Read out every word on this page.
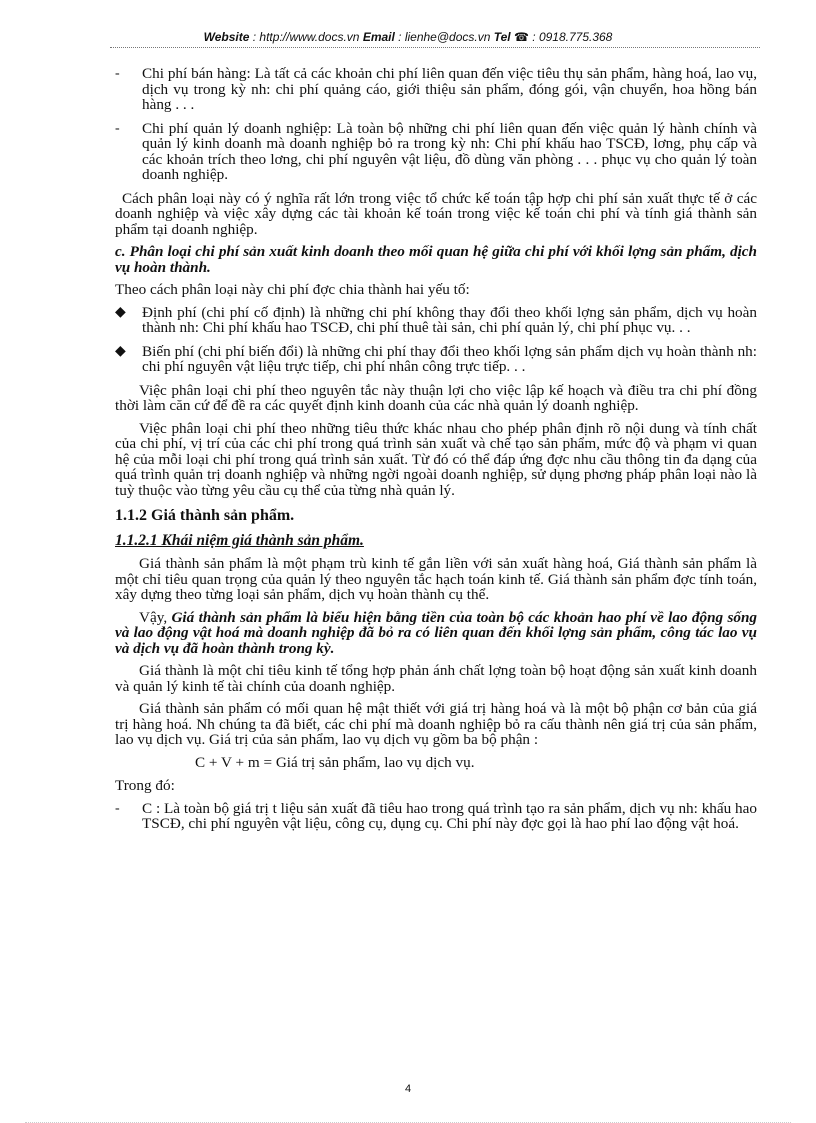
Website : http://www.docs.vn Email : lienhe@docs.vn Tel ☎ : 0918.775.368
- Chi phí bán hàng: Là tất cả các khoản chi phí liên quan đến việc tiêu thụ sản phẩm, hàng hoá, lao vụ, dịch vụ trong kỳ nh: chi phí quảng cáo, giới thiệu sản phẩm, đóng gói, vận chuyển, hoa hồng bán hàng . . .
- Chi phí quản lý doanh nghiệp: Là toàn bộ những chi phí liên quan đến việc quản lý hành chính và quản lý kinh doanh mà doanh nghiệp bỏ ra trong kỳ nh: Chi phí khấu hao TSCĐ, lơng, phụ cấp và các khoản trích theo lơng, chi phí nguyên vật liệu, đồ dùng văn phòng . . . phục vụ cho quản lý toàn doanh nghiệp.

Cách phân loại này có ý nghĩa rất lớn trong việc tổ chức kế toán tập hợp chi phí sản xuất thực tế ở các doanh nghiệp và việc xây dựng các tài khoản kế toán trong việc kế toán chi phí và tính giá thành sản phẩm tại doanh nghiệp.

c. Phân loại chi phí sản xuất kinh doanh theo mối quan hệ giữa chi phí với khối lợng sản phẩm, dịch vụ hoàn thành.

Theo cách phân loại này chi phí đợc chia thành hai yếu tố:

◆ Định phí (chi phí cố định) là những chi phí không thay đổi theo khối lợng sản phẩm, dịch vụ hoàn thành nh: Chi phí khấu hao TSCĐ, chi phí thuê tài sản, chi phí quản lý, chi phí phục vụ. . .
◆ Biến phí (chi phí biến đổi) là những chi phí thay đổi theo khối lợng sản phẩm dịch vụ hoàn thành nh: chi phí nguyên vật liệu trực tiếp, chi phí nhân công trực tiếp. . .

Việc phân loại chi phí theo nguyên tắc này thuận lợi cho việc lập kế hoạch và điều tra chi phí đồng thời làm căn cứ để đề ra các quyết định kinh doanh của các nhà quản lý doanh nghiệp.

Việc phân loại chi phí theo những tiêu thức khác nhau cho phép phân định rõ nội dung và tính chất của chi phí, vị trí của các chi phí trong quá trình sản xuất và chế tạo sản phẩm, mức độ và phạm vi quan hệ của mỗi loại chi phí trong quá trình sản xuất. Từ đó có thể đáp ứng đợc nhu cầu thông tin đa dạng của quá trình quản trị doanh nghiệp và những ngời ngoài doanh nghiệp, sử dụng phơng pháp phân loại nào là tuỳ thuộc vào từng yêu cầu cụ thể của từng nhà quản lý.

1.1.2 Giá thành sản phẩm.
1.1.2.1 Khái niệm giá thành sản phẩm.

Giá thành sản phẩm là một phạm trù kinh tế gắn liền với sản xuất hàng hoá, Giá thành sản phẩm là một chỉ tiêu quan trọng của quản lý theo nguyên tắc hạch toán kinh tế. Giá thành sản phẩm đợc tính toán, xây dựng theo từng loại sản phẩm, dịch vụ hoàn thành cụ thể.

Vậy, Giá thành sản phẩm là biểu hiện bằng tiền của toàn bộ các khoản hao phí về lao động sống và lao động vật hoá mà doanh nghiệp đã bỏ ra có liên quan đến khối lợng sản phẩm, công tác lao vụ và dịch vụ đã hoàn thành trong kỳ.

Giá thành là một chỉ tiêu kinh tế tổng hợp phản ánh chất lợng toàn bộ hoạt động sản xuất kinh doanh và quản lý kinh tế tài chính của doanh nghiệp.

Giá thành sản phẩm có mối quan hệ mật thiết với giá trị hàng hoá và là một bộ phận cơ bản của giá trị hàng hoá. Nh chúng ta đã biết, các chi phí mà doanh nghiệp bỏ ra cấu thành nên giá trị của sản phẩm, lao vụ dịch vụ. Giá trị của sản phẩm, lao vụ dịch vụ gồm ba bộ phận :

C + V + m = Giá trị sản phẩm, lao vụ dịch vụ.

Trong đó:

- C : Là toàn bộ giá trị t liệu sản xuất đã tiêu hao trong quá trình tạo ra sản phẩm, dịch vụ nh: khấu hao TSCĐ, chi phí nguyên vật liệu, công cụ, dụng cụ. Chi phí này đợc gọi là hao phí lao động vật hoá.
4
